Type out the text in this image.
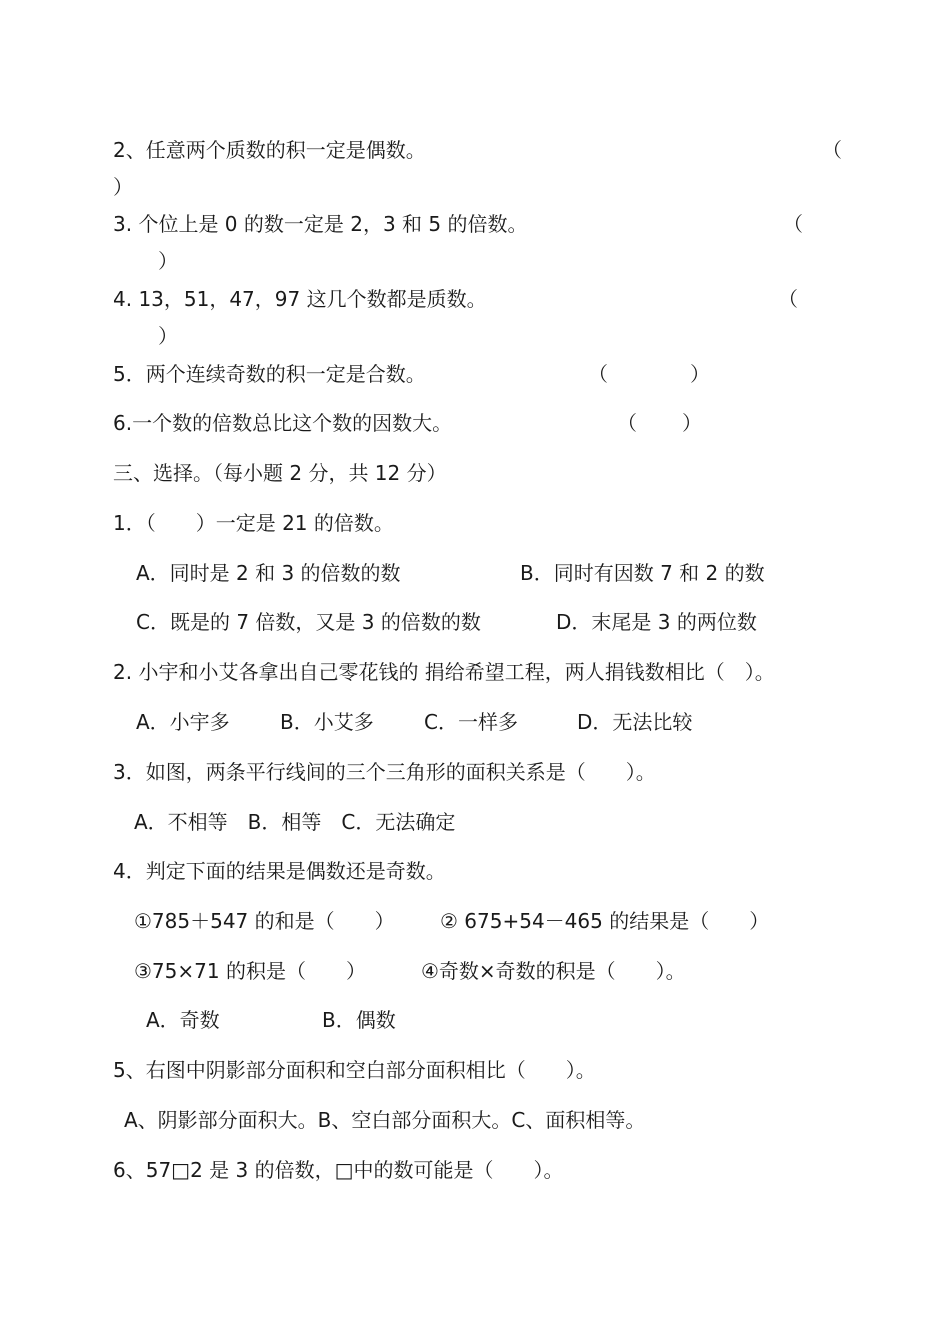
2、任意两个质数的积一定是偶数。	（
）
3. 个位上是 0 的数一定是 2，3 和 5 的倍数。	（
）
4. 13，51，47，97 这几个数都是质数。	（
）
5．两个连续奇数的积一定是合数。	（	）
6.一个数的倍数总比这个数的因数大。	（ ）
三、选择。（每小题 2 分，共 12 分）
1．（　　）一定是 21 的倍数。
A．同时是 2 和 3 的倍数的数	B．同时有因数 7 和 2 的数
C．既是的 7 倍数，又是 3 的倍数的数	D．末尾是 3 的两位数
2. 小宇和小艾各拿出自己零花钱的 捐给希望工程，两人捐钱数相比（　）。
A．小宇多	B．小艾多	C．一样多	D．无法比较
3．如图，两条平行线间的三个三角形的面积关系是（　　）。
A．不相等　B．相等　C．无法确定
4．判定下面的结果是偶数还是奇数。
①785＋547 的和是（　　） ② 675+54－465 的结果是（　　）
③75×71 的积是（　　）	④奇数×奇数的积是（　　）。
A．奇数	B．偶数
5、右图中阴影部分面积和空白部分面积相比（　　）。
A、阴影部分面积大。B、空白部分面积大。C、面积相等。
6、57□2 是 3 的倍数，□中的数可能是（　　）。
